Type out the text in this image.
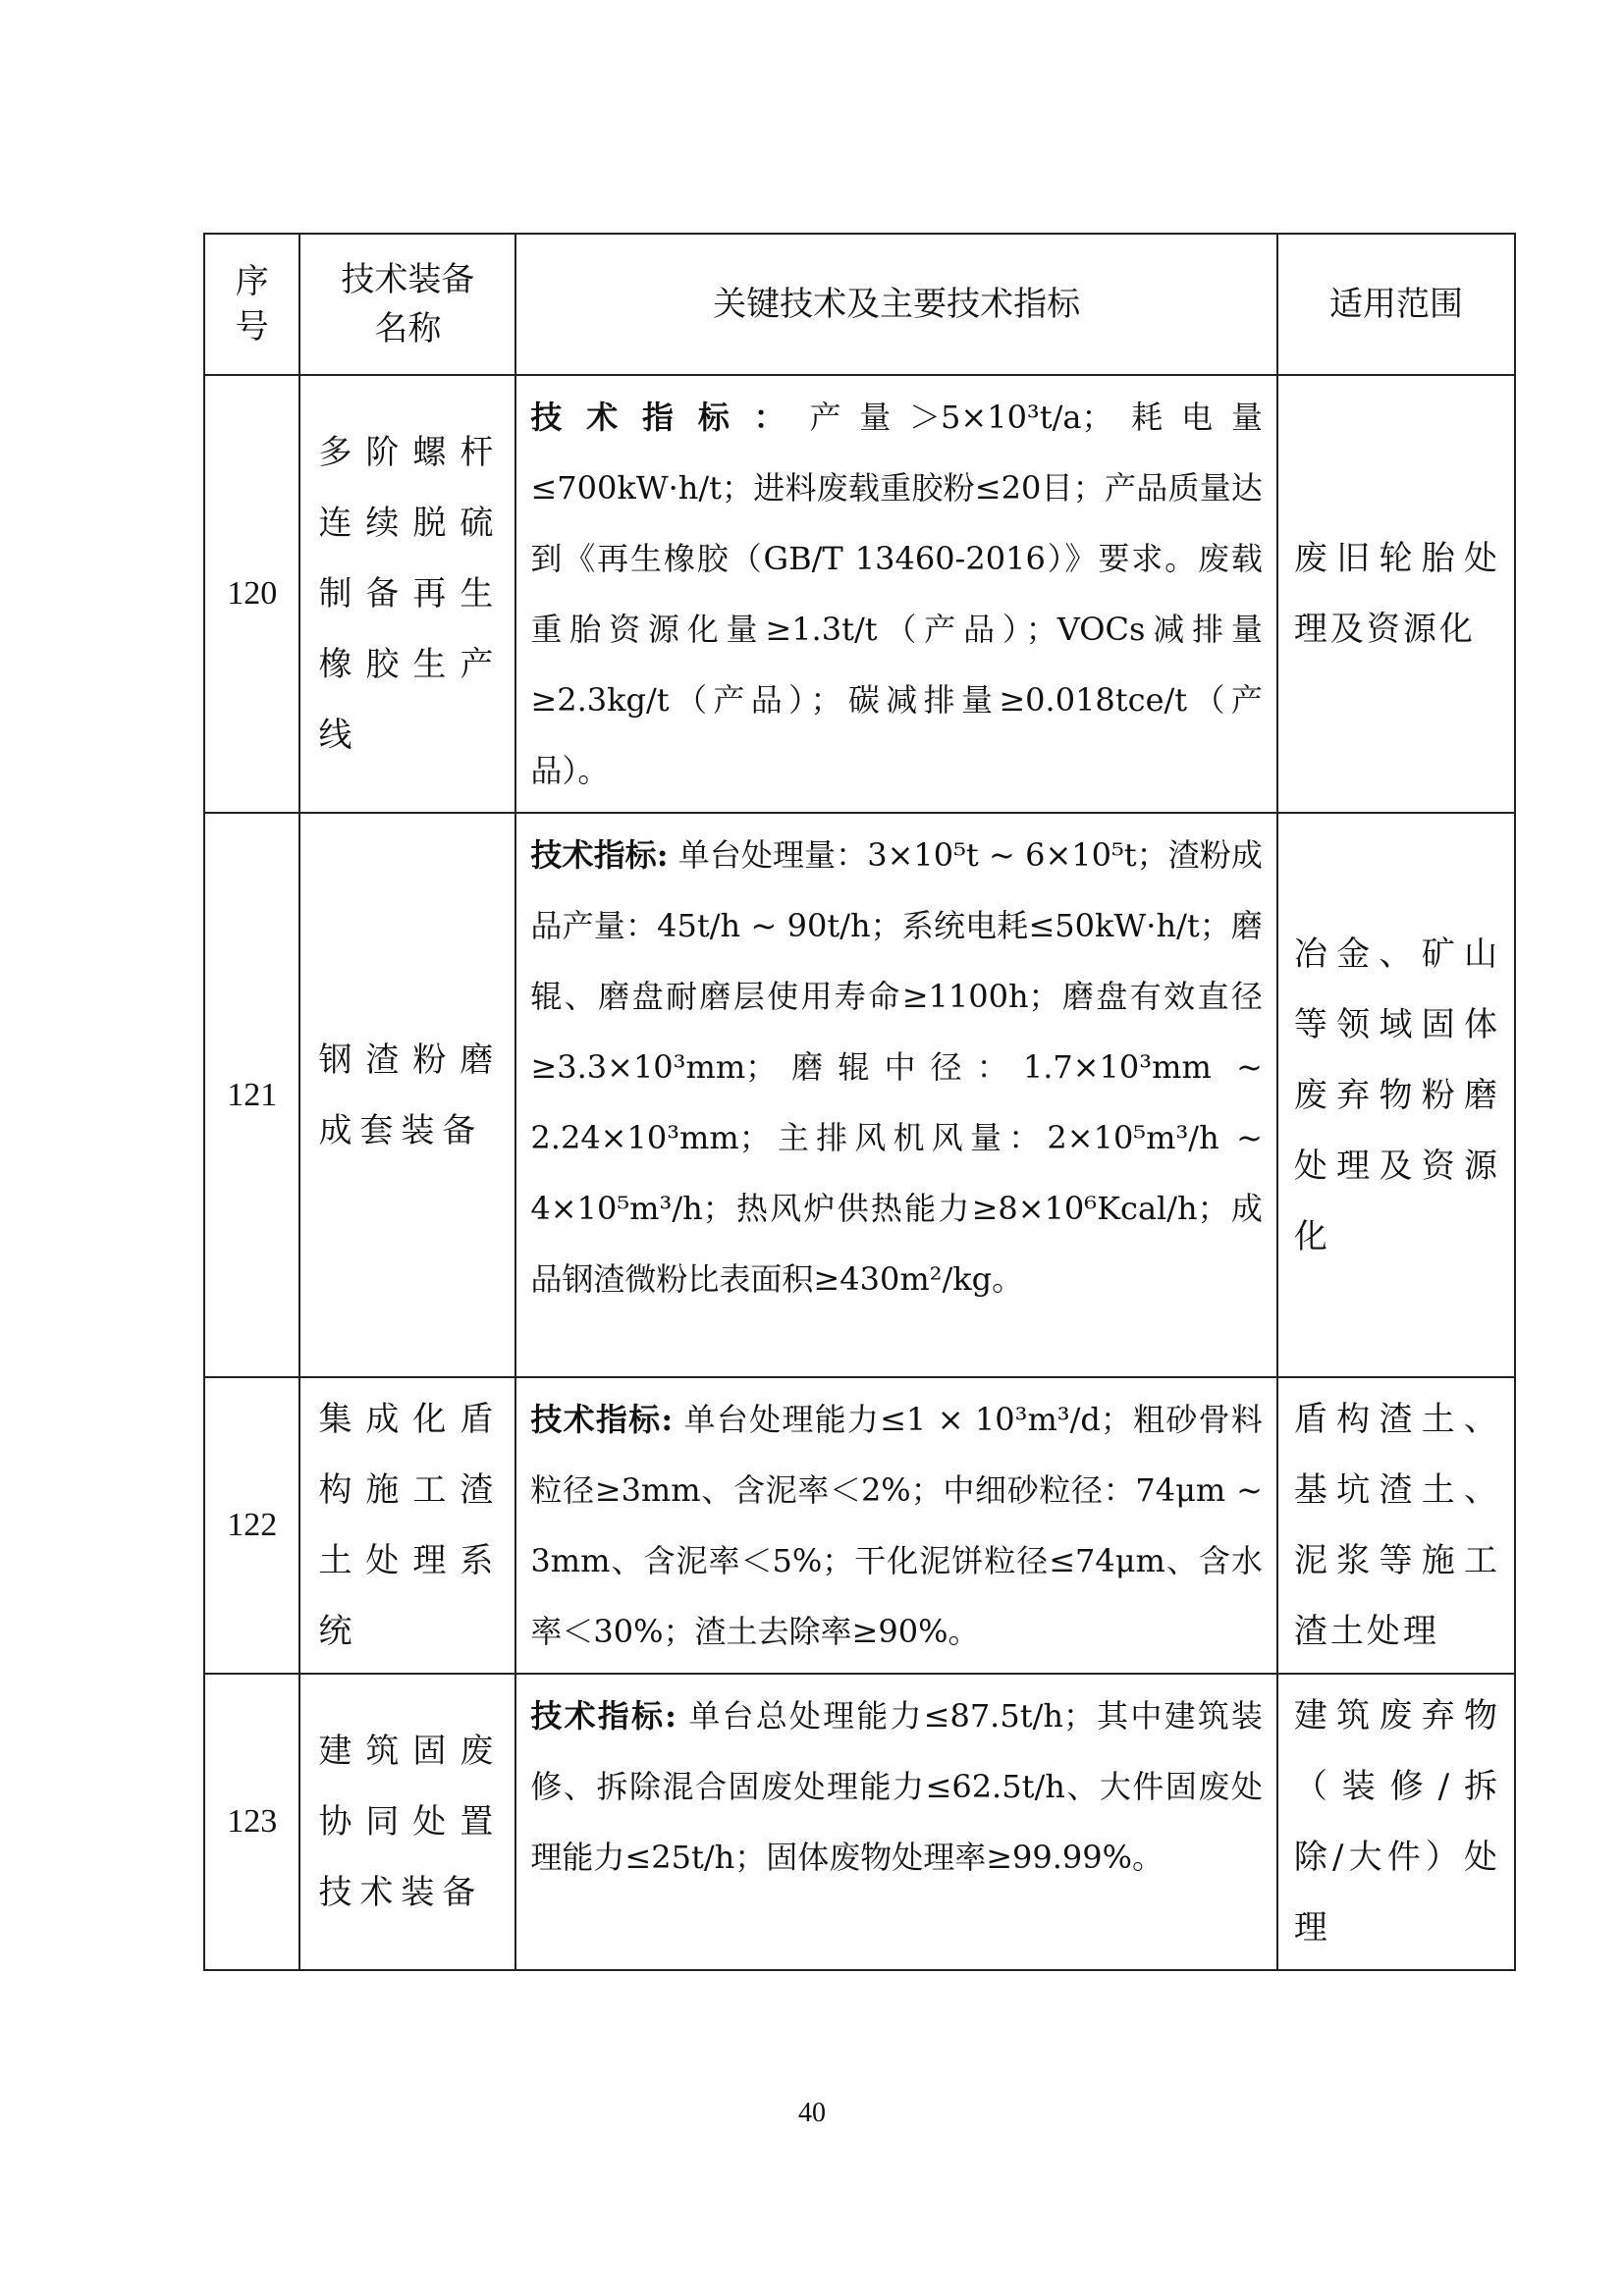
序号	技术装备名称	关键技术及主要技术指标	适用范围
120	多阶螺杆连续脱硫制备再生橡胶生产线	技术指标：产量＞5×10³t/a；耗电量≤700kW·h/t；进料废载重胶粉≤20目；产品质量达到《再生橡胶（GB/T 13460-2016）》要求。废载重胎资源化量≥1.3t/t（产品）；VOCs减排量≥2.3kg/t（产品）；碳减排量≥0.018tce/t（产品）。	废旧轮胎处理及资源化
121	钢渣粉磨成套装备	技术指标: 单台处理量：3×10⁵t ~ 6×10⁵t；渣粉成品产量：45t/h ~ 90t/h；系统电耗≤50kW·h/t；磨辊、磨盘耐磨层使用寿命≥1100h；磨盘有效直径≥3.3×10³mm；磨辊中径：1.7×10³mm ~ 2.24×10³mm；主排风机风量：2×10⁵m³/h ~ 4×10⁵m³/h；热风炉供热能力≥8×10⁶Kcal/h；成品钢渣微粉比表面积≥430m²/kg。	冶金、矿山等领域固体废弃物粉磨处理及资源化
122	集成化盾构施工渣土处理系统	技术指标: 单台处理能力≤1 × 10³m³/d；粗砂骨料粒径≥3mm、含泥率＜2%；中细砂粒径：74μm ~ 3mm、含泥率＜5%；干化泥饼粒径≤74μm、含水率＜30%；渣土去除率≥90%。	盾构渣土、基坑渣土、泥浆等施工渣土处理
123	建筑固废协同处置技术装备	技术指标: 单台总处理能力≤87.5t/h；其中建筑装修、拆除混合固废处理能力≤62.5t/h、大件固废处理能力≤25t/h；固体废物处理率≥99.99%。	建筑废弃物（装修/拆除/大件）处理
40
